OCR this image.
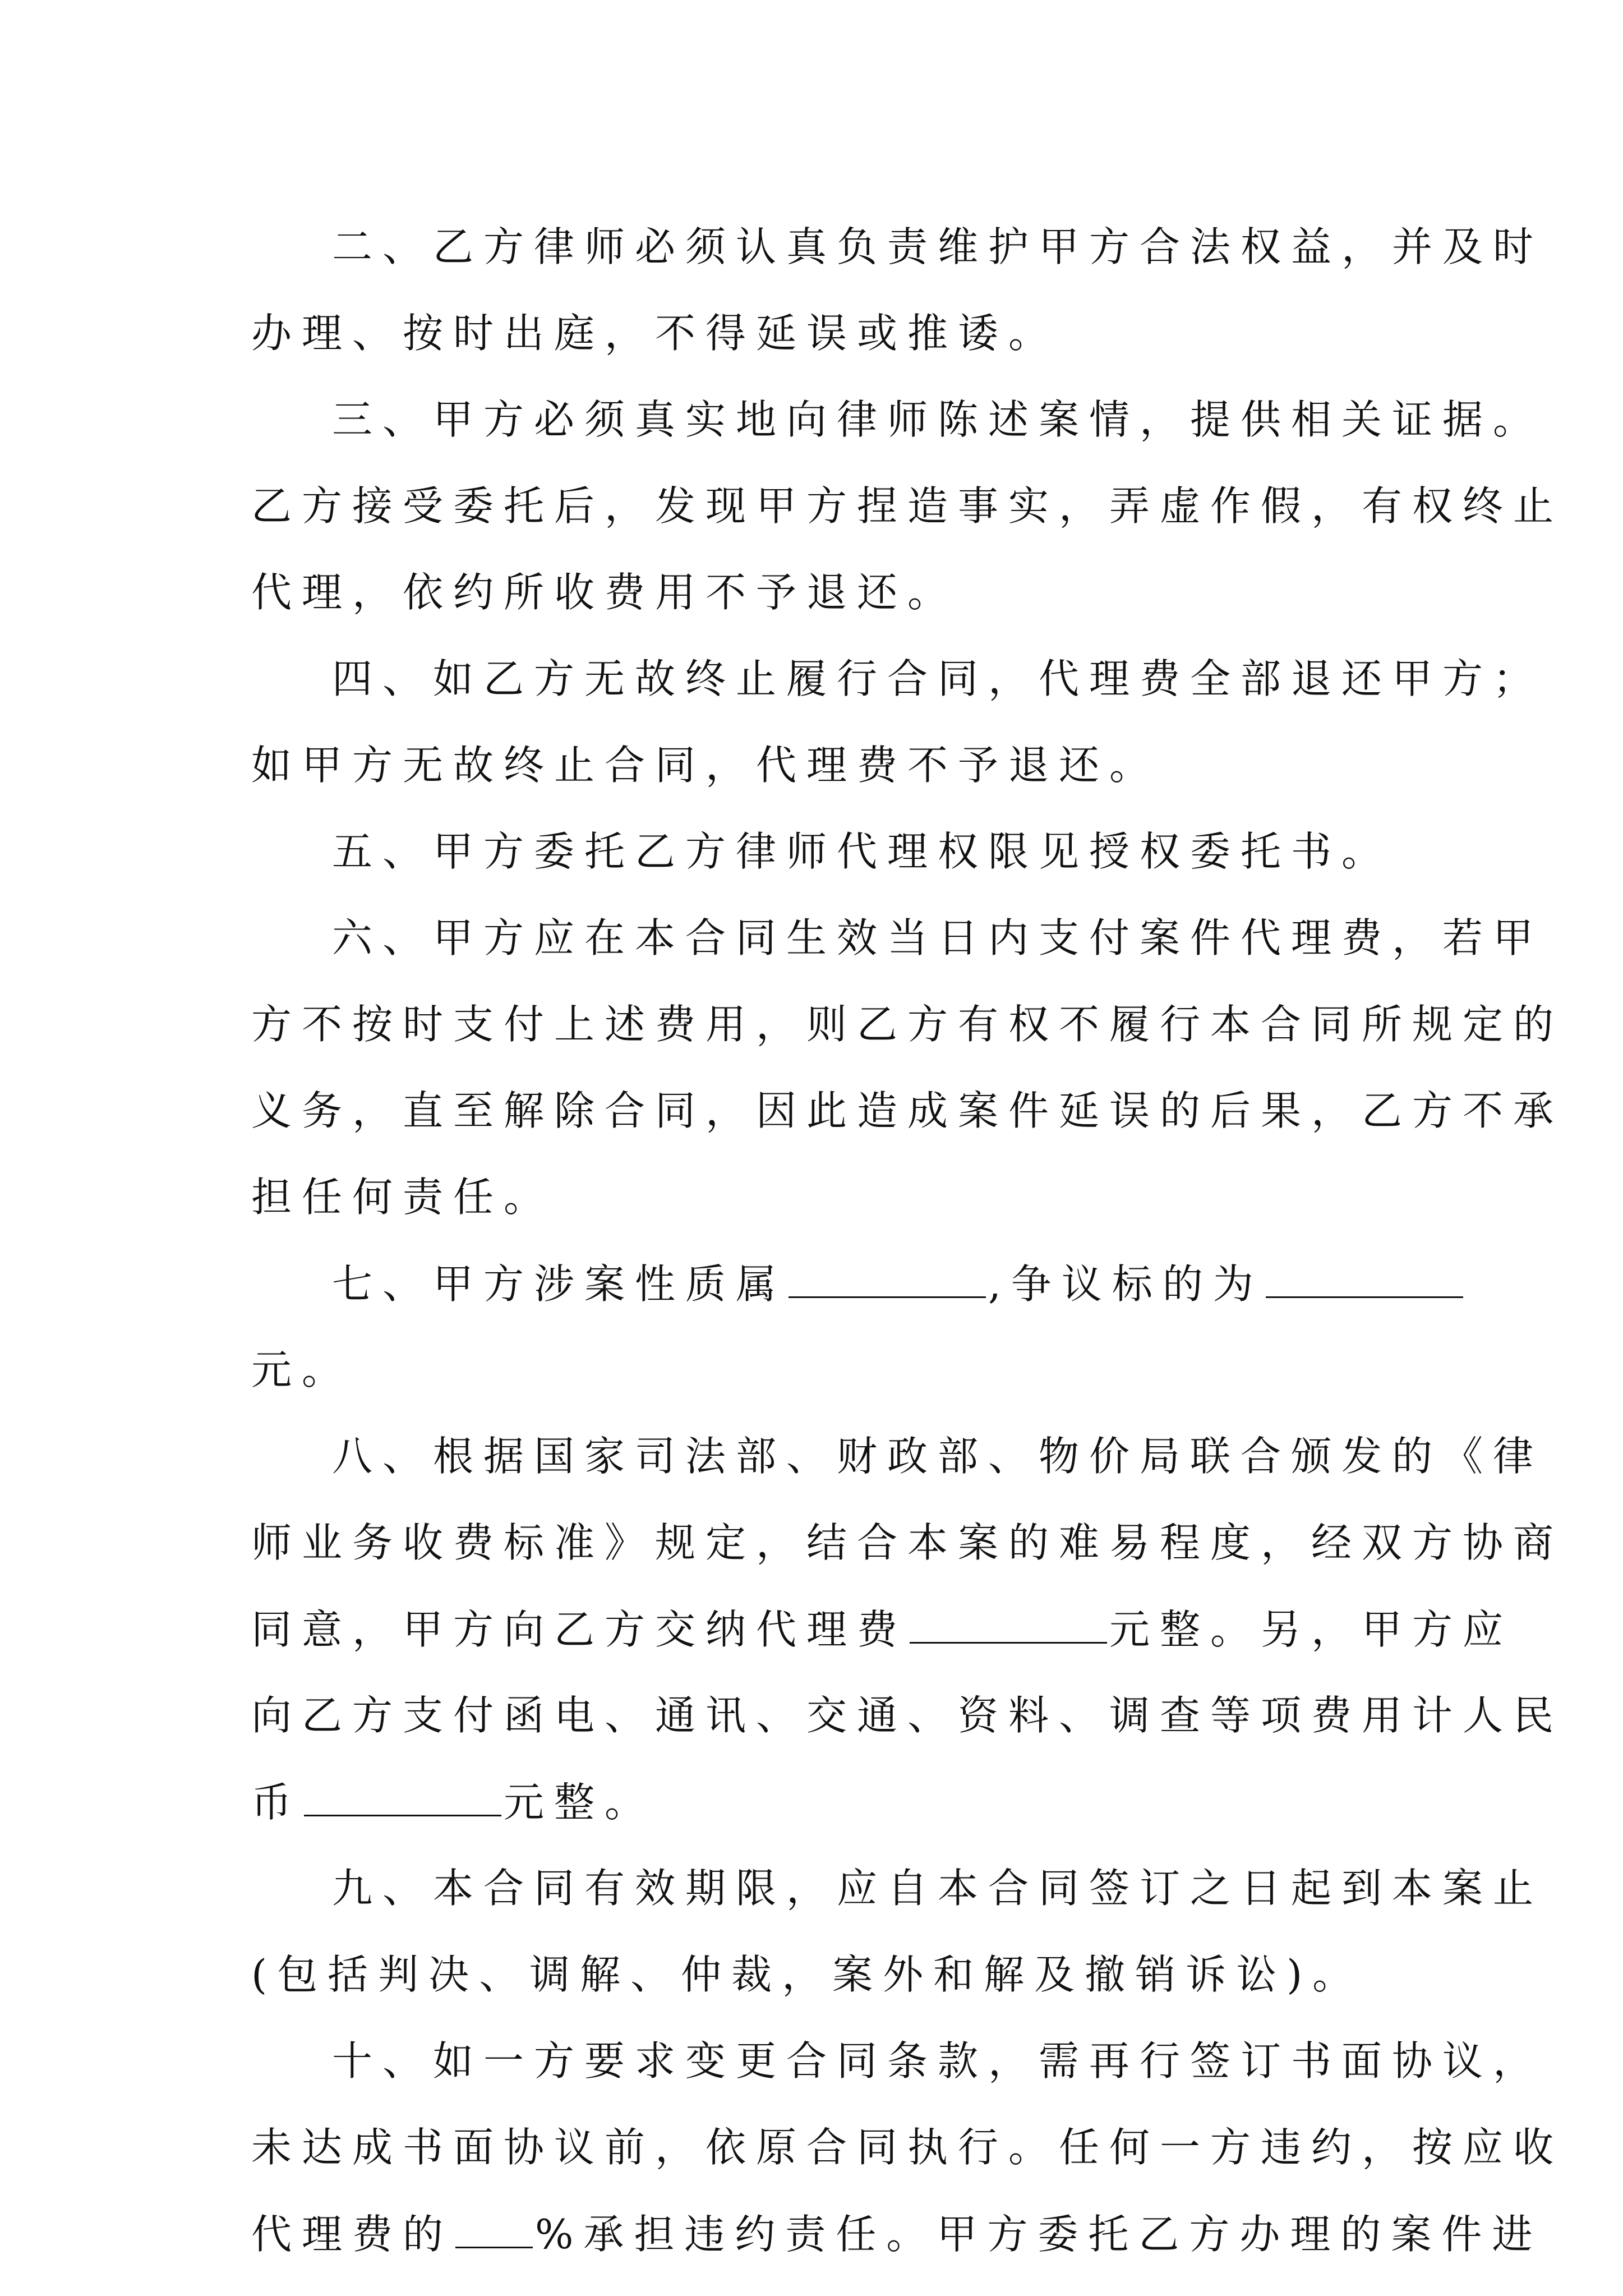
二、乙方律师必须认真负责维护甲方合法权益，并及时
办理、按时出庭，不得延误或推诿。
三、甲方必须真实地向律师陈述案情，提供相关证据。
乙方接受委托后，发现甲方捏造事实，弄虚作假，有权终止
代理，依约所收费用不予退还。
四、如乙方无故终止履行合同，代理费全部退还甲方；
如甲方无故终止合同，代理费不予退还。
五、甲方委托乙方律师代理权限见授权委托书。
六、甲方应在本合同生效当日内支付案件代理费，若甲
方不按时支付上述费用，则乙方有权不履行本合同所规定的
义务，直至解除合同，因此造成案件延误的后果，乙方不承
担任何责任。
七、甲方涉案性质属	,争议标的为
元。
八、根据国家司法部、财政部、物价局联合颁发的《律
师业务收费标准》规定，结合本案的难易程度，经双方协商
同意，甲方向乙方交纳代理费	元整。另，甲方应
向乙方支付函电、通讯、交通、资料、调查等项费用计人民
币	元整。
九、本合同有效期限，应自本合同签订之日起到本案止
(包括判决、调解、仲裁，案外和解及撤销诉讼)。
十、如一方要求变更合同条款，需再行签订书面协议，
未达成书面协议前，依原合同执行。任何一方违约，按应收
代理费的 %承担违约责任。甲方委托乙方办理的案件进
